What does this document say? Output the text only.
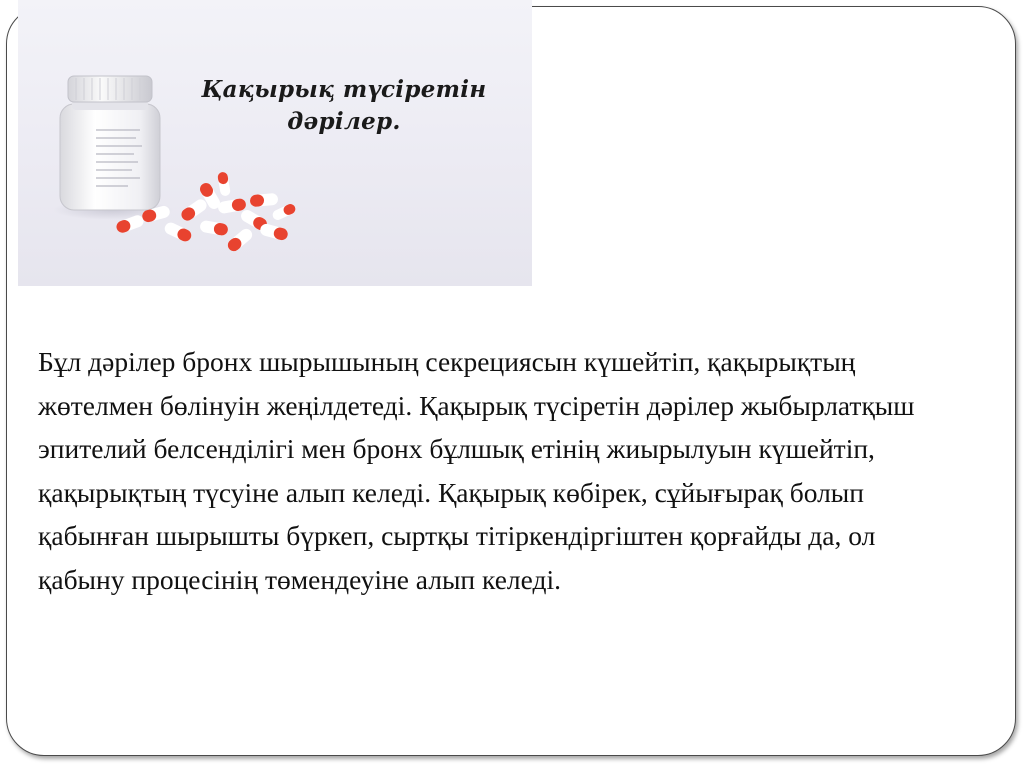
Қақырық түсіретін
дәрілер.

Бұл дәрілер бронх шырышының секрециясын күшейтіп, қақырықтың жөтелмен бөлінуін жеңілдетеді. Қақырық түсіретін дәрілер жыбырлатқыш эпителий белсенділігі мен бронх бұлшық етінің жиырылуын күшейтіп, қақырықтың түсуіне алып келеді. Қақырық көбірек, сұйығырақ болып қабынған шырышты бүркеп, сыртқы тітіркендіргіштен қорғайды да, ол қабыну процесінің төмендеуіне алып келеді.
